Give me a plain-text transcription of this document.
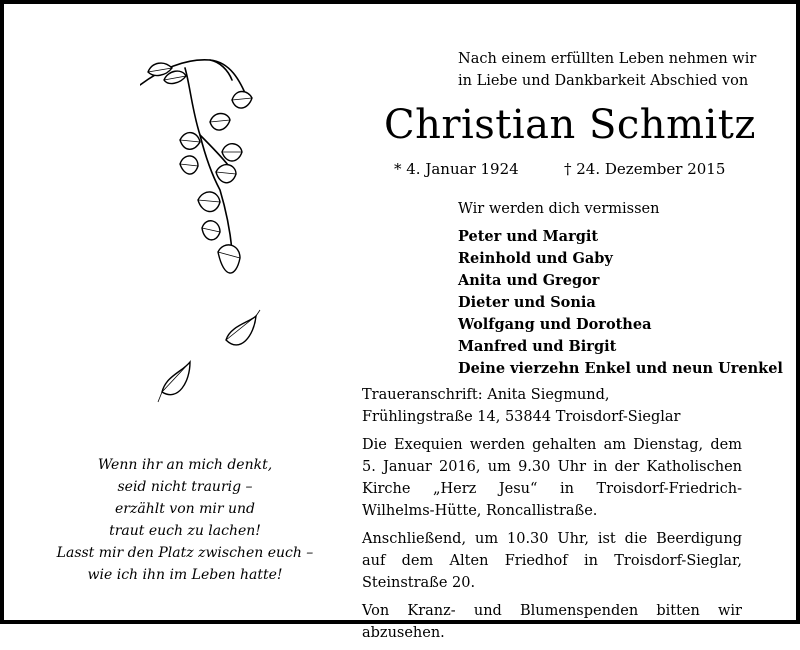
Nach einem erfüllten Leben nehmen wir
in Liebe und Dankbarkeit Abschied von
Christian Schmitz
* 4. Januar 1924	† 24. Dezember 2015
Wir werden dich vermissen
Peter und Margit
Reinhold und Gaby
Anita und Gregor
Dieter und Sonia
Wolfgang und Dorothea
Manfred und Birgit
Deine vierzehn Enkel und neun Urenkel

Traueranschrift: Anita Siegmund,
Frühlingstraße 14, 53844 Troisdorf-Sieglar

Die Exequien werden gehalten am Dienstag, dem 5. Januar 2016, um 9.30 Uhr in der Katholischen Kirche „Herz Jesu“ in Troisdorf-Friedrich-Wilhelms-Hütte, Roncallistraße.

Anschließend, um 10.30 Uhr, ist die Beerdigung auf dem Alten Friedhof in Troisdorf-Sieglar, Steinstraße 20.

Von Kranz- und Blumenspenden bitten wir abzusehen.

Wenn ihr an mich denkt,
seid nicht traurig –
erzählt von mir und
traut euch zu lachen!
Lasst mir den Platz zwischen euch –
wie ich ihn im Leben hatte!
